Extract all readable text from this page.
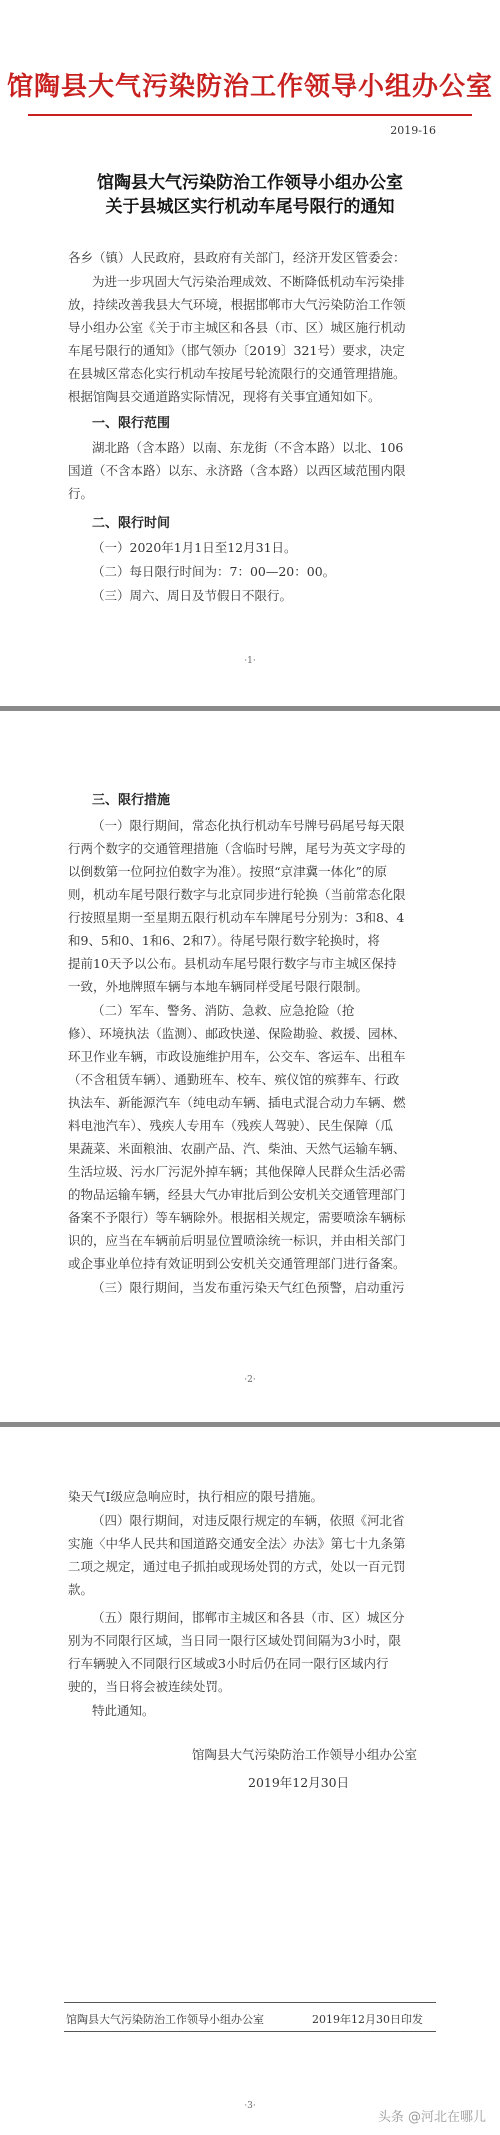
馆陶县大气污染防治工作领导小组办公室
2019-16
馆陶县大气污染防治工作领导小组办公室
关于县城区实行机动车尾号限行的通知
各乡（镇）人民政府，县政府有关部门，经济开发区管委会：
为进一步巩固大气污染治理成效、不断降低机动车污染排
放，持续改善我县大气环境，根据邯郸市大气污染防治工作领
导小组办公室《关于市主城区和各县（市、区）城区施行机动
车尾号限行的通知》（邯气领办〔2019〕321号）要求，决定
在县城区常态化实行机动车按尾号轮流限行的交通管理措施。
根据馆陶县交通道路实际情况，现将有关事宜通知如下。
一、限行范围
湖北路（含本路）以南、东龙街（不含本路）以北、106
国道（不含本路）以东、永济路（含本路）以西区域范围内限
行。
二、限行时间
（一）2020年1月1日至12月31日。
（二）每日限行时间为：7：00—20：00。
（三）周六、周日及节假日不限行。
·1·
三、限行措施
（一）限行期间，常态化执行机动车号牌号码尾号每天限
行两个数字的交通管理措施（含临时号牌，尾号为英文字母的
以倒数第一位阿拉伯数字为准）。按照“京津冀一体化”的原
则，机动车尾号限行数字与北京同步进行轮换（当前常态化限
行按照星期一至星期五限行机动车车牌尾号分别为：3和8、4
和9、5和0、1和6、2和7）。待尾号限行数字轮换时，将
提前10天予以公布。县机动车尾号限行数字与市主城区保持
一致，外地牌照车辆与本地车辆同样受尾号限行限制。
（二）军车、警务、消防、急救、应急抢险（抢
修）、环境执法（监测）、邮政快递、保险勘验、救援、园林、
环卫作业车辆，市政设施维护用车，公交车、客运车、出租车
（不含租赁车辆）、通勤班车、校车、殡仪馆的殡葬车、行政
执法车、新能源汽车（纯电动车辆、插电式混合动力车辆、燃
料电池汽车）、残疾人专用车（残疾人驾驶）、民生保障（瓜
果蔬菜、米面粮油、农副产品、汽、柴油、天然气运输车辆、
生活垃圾、污水厂污泥外掉车辆；其他保障人民群众生活必需
的物品运输车辆，经县大气办审批后到公安机关交通管理部门
备案不予限行）等车辆除外。根据相关规定，需要喷涂车辆标
识的，应当在车辆前后明显位置喷涂统一标识，并由相关部门
或企事业单位持有效证明到公安机关交通管理部门进行备案。
（三）限行期间，当发布重污染天气红色预警，启动重污
·2·
染天气Ⅰ级应急响应时，执行相应的限号措施。
（四）限行期间，对违反限行规定的车辆，依照《河北省
实施〈中华人民共和国道路交通安全法〉办法》第七十九条第
二项之规定，通过电子抓拍或现场处罚的方式，处以一百元罚
款。
（五）限行期间，邯郸市主城区和各县（市、区）城区分
别为不同限行区域，当日同一限行区域处罚间隔为3小时，限
行车辆驶入不同限行区域或3小时后仍在同一限行区域内行
驶的，当日将会被连续处罚。
特此通知。
馆陶县大气污染防治工作领导小组办公室
2019年12月30日
馆陶县大气污染防治工作领导小组办公室	2019年12月30日印发
·3·
头条 @河北在哪儿
